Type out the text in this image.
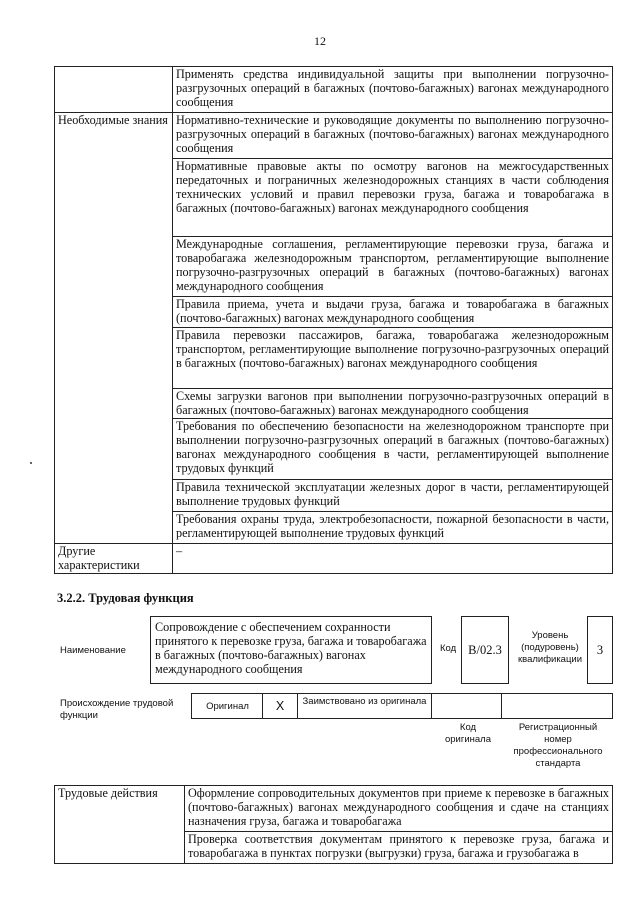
12
	Применять средства индивидуальной защиты при выполнении погрузочно-разгрузочных операций в багажных (почтово-багажных) вагонах международного сообщения
Необходимые знания	Нормативно-технические и руководящие документы по выполнению погрузочно-разгрузочных операций в багажных (почтово-багажных) вагонах международного сообщения
	Нормативные правовые акты по осмотру вагонов на межгосударственных передаточных и пограничных железнодорожных станциях в части соблюдения технических условий и правил перевозки груза, багажа и товаробагажа в багажных (почтово-багажных) вагонах международного сообщения
	Международные соглашения, регламентирующие перевозки груза, багажа и товаробагажа железнодорожным транспортом, регламентирующие выполнение погрузочно-разгрузочных операций в багажных (почтово-багажных) вагонах международного сообщения
	Правила приема, учета и выдачи груза, багажа и товаробагажа в багажных (почтово-багажных) вагонах международного сообщения
	Правила перевозки пассажиров, багажа, товаробагажа железнодорожным транспортом, регламентирующие выполнение погрузочно-разгрузочных операций в багажных (почтово-багажных) вагонах международного сообщения
	Схемы загрузки вагонов при выполнении погрузочно-разгрузочных операций в багажных (почтово-багажных) вагонах международного сообщения
	Требования по обеспечению безопасности на железнодорожном транспорте при выполнении погрузочно-разгрузочных операций в багажных (почтово-багажных) вагонах международного сообщения в части, регламентирующей выполнение трудовых функций
	Правила технической эксплуатации железных дорог в части, регламентирующей выполнение трудовых функций
	Требования охраны труда, электробезопасности, пожарной безопасности в части, регламентирующей выполнение трудовых функций
Другие характеристики	–
3.2.2. Трудовая функция
Наименование
Сопровождение с обеспечением сохранности принятого к перевозке груза, багажа и товаробагажа в багажных (почтово-багажных) вагонах международного сообщения
Код B/02.3
Уровень (подуровень) квалификации
3
Происхождение трудовой функции
Оригинал	X	Заимствовано из оригинала
Код оригинала
Регистрационный номер профессионального стандарта
Трудовые действия	Оформление сопроводительных документов при приеме к перевозке в багажных (почтово-багажных) вагонах международного сообщения и сдаче на станциях назначения груза, багажа и товаробагажа
	Проверка соответствия документам принятого к перевозке груза, багажа и товаробагажа в пунктах погрузки (выгрузки) груза, багажа и грузобагажа в
